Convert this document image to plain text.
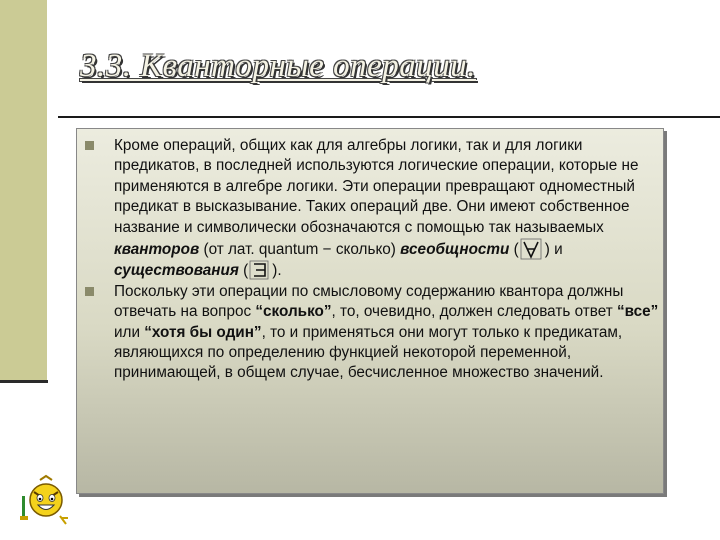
3.3. Кванторные операции.

Кроме операций, общих как для алгебры логики, так и для логики предикатов, в последней используются логические операции, которые не применяются в алгебре логики. Эти операции превращают одноместный предикат в высказывание. Таких операций две. Они имеют собственное название и символически обозначаются с помощью так называемых кванторов (от лат. quantum − сколько) всеобщности ( ) и существования ( ).

Поскольку эти операции по смысловому содержанию квантора должны отвечать на вопрос “сколько”, то, очевидно, должен следовать ответ “все” или “хотя бы один”, то и применяться они могут только к предикатам, являющихся по определению функцией некоторой переменной, принимающей, в общем случае, бесчисленное множество значений.
